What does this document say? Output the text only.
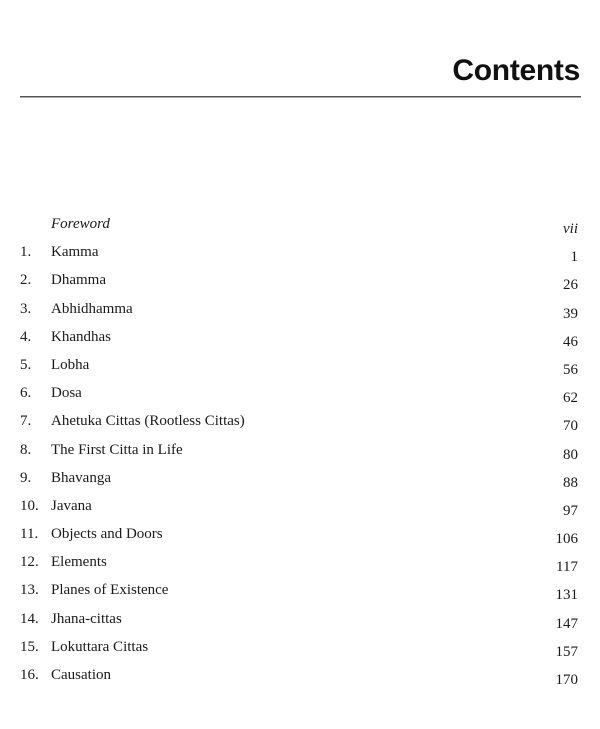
Contents
Foreword	vii
1. Kamma	1
2. Dhamma	26
3. Abhidhamma	39
4. Khandhas	46
5. Lobha	56
6. Dosa	62
7. Ahetuka Cittas (Rootless Cittas)	70
8. The First Citta in Life	80
9. Bhavanga	88
10. Javana	97
11. Objects and Doors	106
12. Elements	117
13. Planes of Existence	131
14. Jhana-cittas	147
15. Lokuttara Cittas	157
16. Causation	170
